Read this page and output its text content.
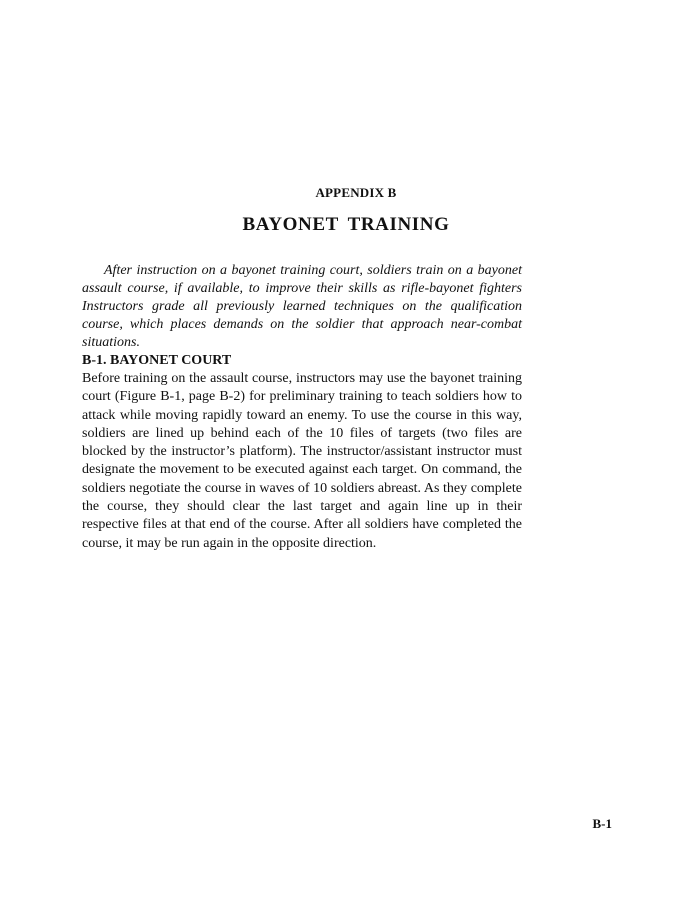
APPENDIX B
BAYONET TRAINING

After instruction on a bayonet training court, soldiers train on a bayonet assault course, if available, to improve their skills as rifle-bayonet fighters Instructors grade all previously learned techniques on the qualification course, which places demands on the soldier that approach near-combat situations.

B-1. BAYONET COURT

Before training on the assault course, instructors may use the bayonet training court (Figure B-1, page B-2) for preliminary training to teach soldiers how to attack while moving rapidly toward an enemy. To use the course in this way, soldiers are lined up behind each of the 10 files of targets (two files are blocked by the instructor’s platform). The instructor/assistant instructor must designate the movement to be executed against each target. On command, the soldiers negotiate the course in waves of 10 soldiers abreast. As they complete the course, they should clear the last target and again line up in their respective files at that end of the course. After all soldiers have completed the course, it may be run again in the opposite direction.

B-1
